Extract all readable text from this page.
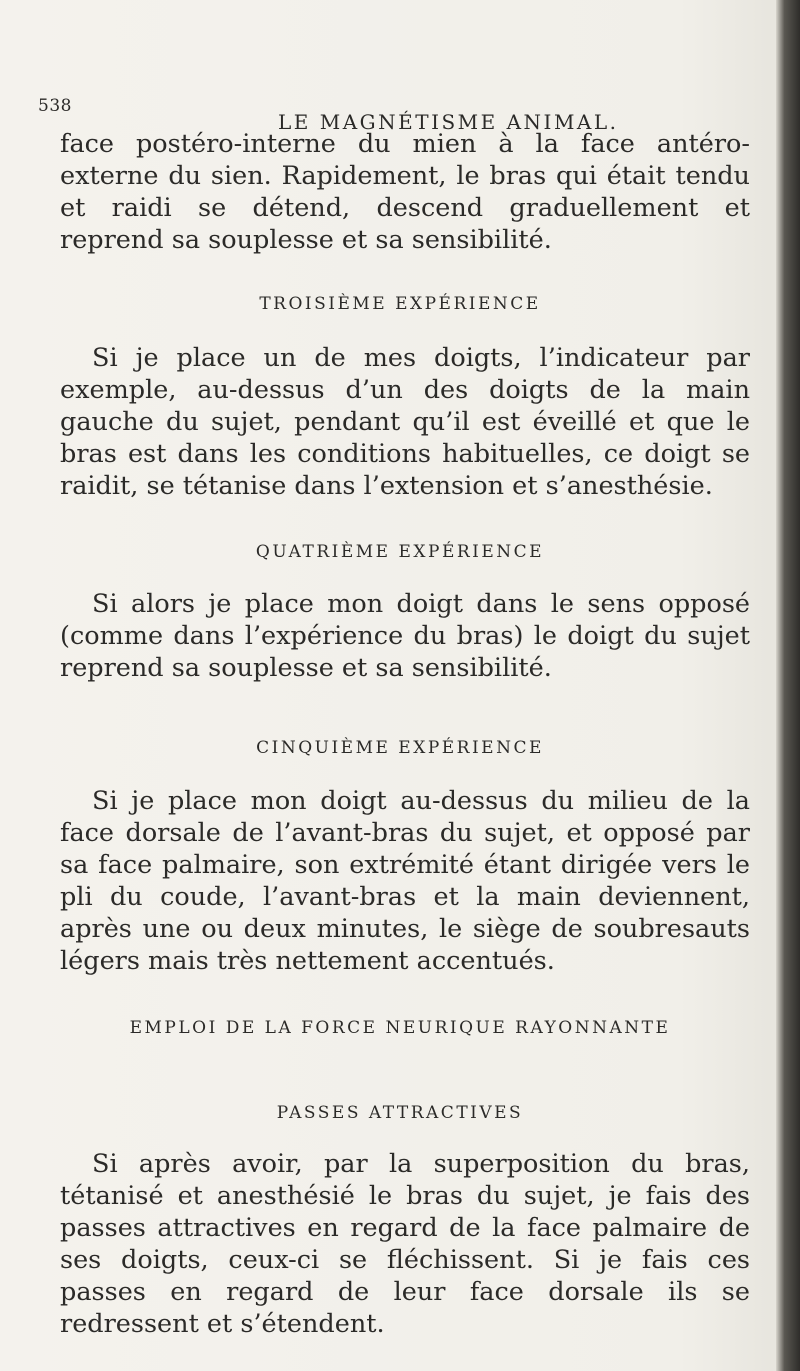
538
LE MAGNÉTISME ANIMAL.

face postéro-interne du mien à la face antéro-externe du sien. Rapidement, le bras qui était tendu et raidi se détend, descend graduellement et reprend sa souplesse et sa sensibilité.

TROISIÈME EXPÉRIENCE

Si je place un de mes doigts, l’indicateur par exemple, au-dessus d’un des doigts de la main gauche du sujet, pendant qu’il est éveillé et que le bras est dans les conditions habituelles, ce doigt se raidit, se tétanise dans l’extension et s’anesthésie.

QUATRIÈME EXPÉRIENCE

Si alors je place mon doigt dans le sens opposé (comme dans l’expérience du bras) le doigt du sujet reprend sa souplesse et sa sensibilité.

CINQUIÈME EXPÉRIENCE

Si je place mon doigt au-dessus du milieu de la face dorsale de l’avant-bras du sujet, et opposé par sa face palmaire, son extrémité étant dirigée vers le pli du coude, l’avant-bras et la main deviennent, après une ou deux minutes, le siège de soubresauts légers mais très nettement accentués.

EMPLOI DE LA FORCE NEURIQUE RAYONNANTE

PASSES ATTRACTIVES

Si après avoir, par la superposition du bras, tétanisé et anesthésié le bras du sujet, je fais des passes attractives en regard de la face palmaire de ses doigts, ceux-ci se fléchissent. Si je fais ces passes en regard de leur face dorsale ils se redressent et s’étendent.
